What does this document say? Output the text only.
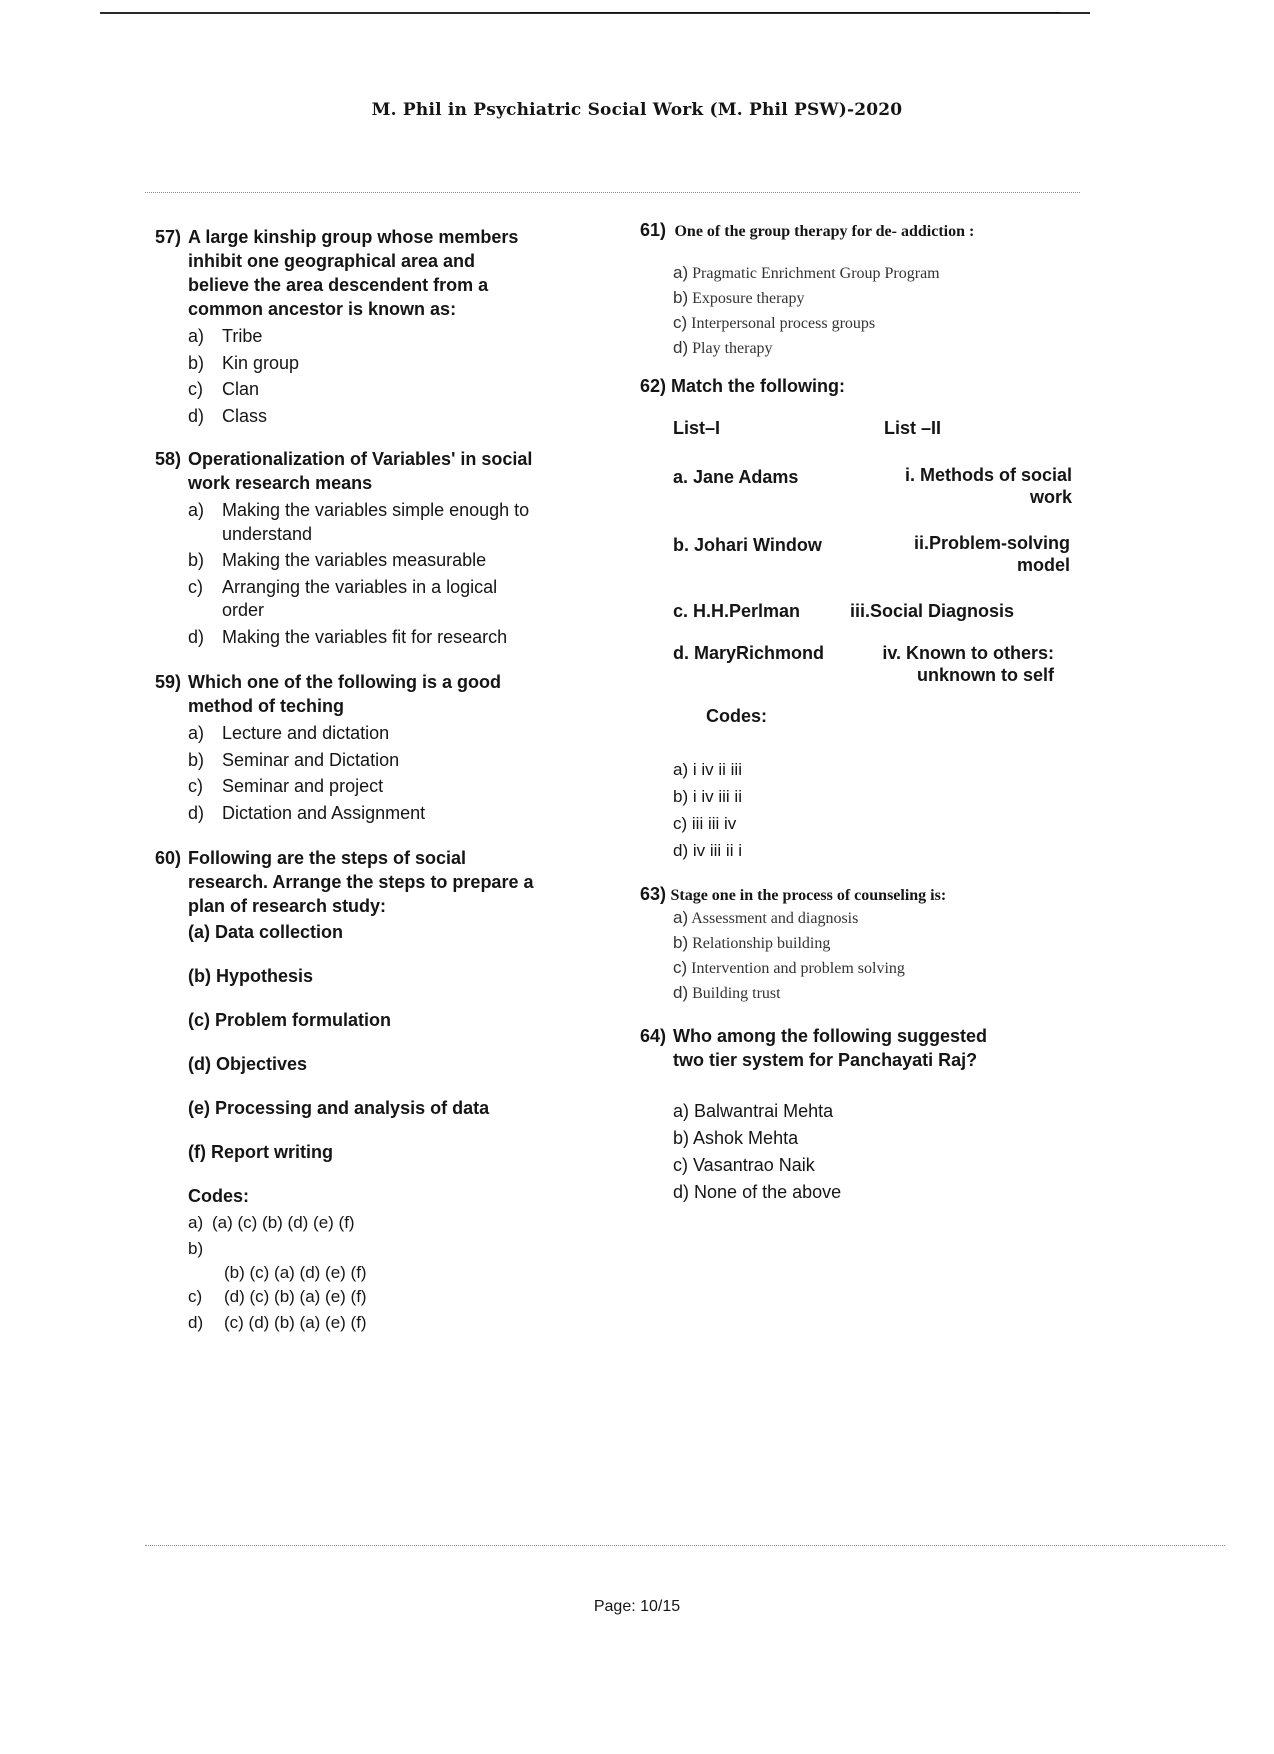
M. Phil in Psychiatric Social Work (M. Phil PSW)-2020
57) A large kinship group whose members
inhibit one geographical area and
believe the area descendent from a
common ancestor is known as:
a) Tribe
b) Kin group
c) Clan
d) Class
58) Operationalization of Variables' in social
work research means
a) Making the variables simple enough to
understand
b) Making the variables measurable
c) Arranging the variables in a logical
order
d) Making the variables fit for research
59) Which one of the following is a good
method of teching
a) Lecture and dictation
b) Seminar and Dictation
c) Seminar and project
d) Dictation and Assignment
60) Following are the steps of social
research. Arrange the steps to prepare a
plan of research study:
(a) Data collection
(b) Hypothesis
(c) Problem formulation
(d) Objectives
(e) Processing and analysis of data
(f) Report writing
Codes:
a) (a) (c) (b) (d) (e) (f)
b)
(b) (c) (a) (d) (e) (f)
c) (d) (c) (b) (a) (e) (f)
d) (c) (d) (b) (a) (e) (f)
61) One of the group therapy for de- addiction :
a) Pragmatic Enrichment Group Program
b) Exposure therapy
c) Interpersonal process groups
d) Play therapy
62) Match the following:
List–I	List –II
a. Jane Adams	i. Methods of social
work
b. Johari Window	ii.Problem-solving
model
c. H.H.Perlman	iii.Social Diagnosis
d. MaryRichmond	iv. Known to others:
unknown to self
Codes:
a) i iv ii iii
b) i iv iii ii
c) iii iii iv
d) iv iii ii i
63) Stage one in the process of counseling is:
a) Assessment and diagnosis
b) Relationship building
c) Intervention and problem solving
d) Building trust
64) Who among the following suggested
two tier system for Panchayati Raj?
a) Balwantrai Mehta
b) Ashok Mehta
c) Vasantrao Naik
d) None of the above
Page: 10/15
